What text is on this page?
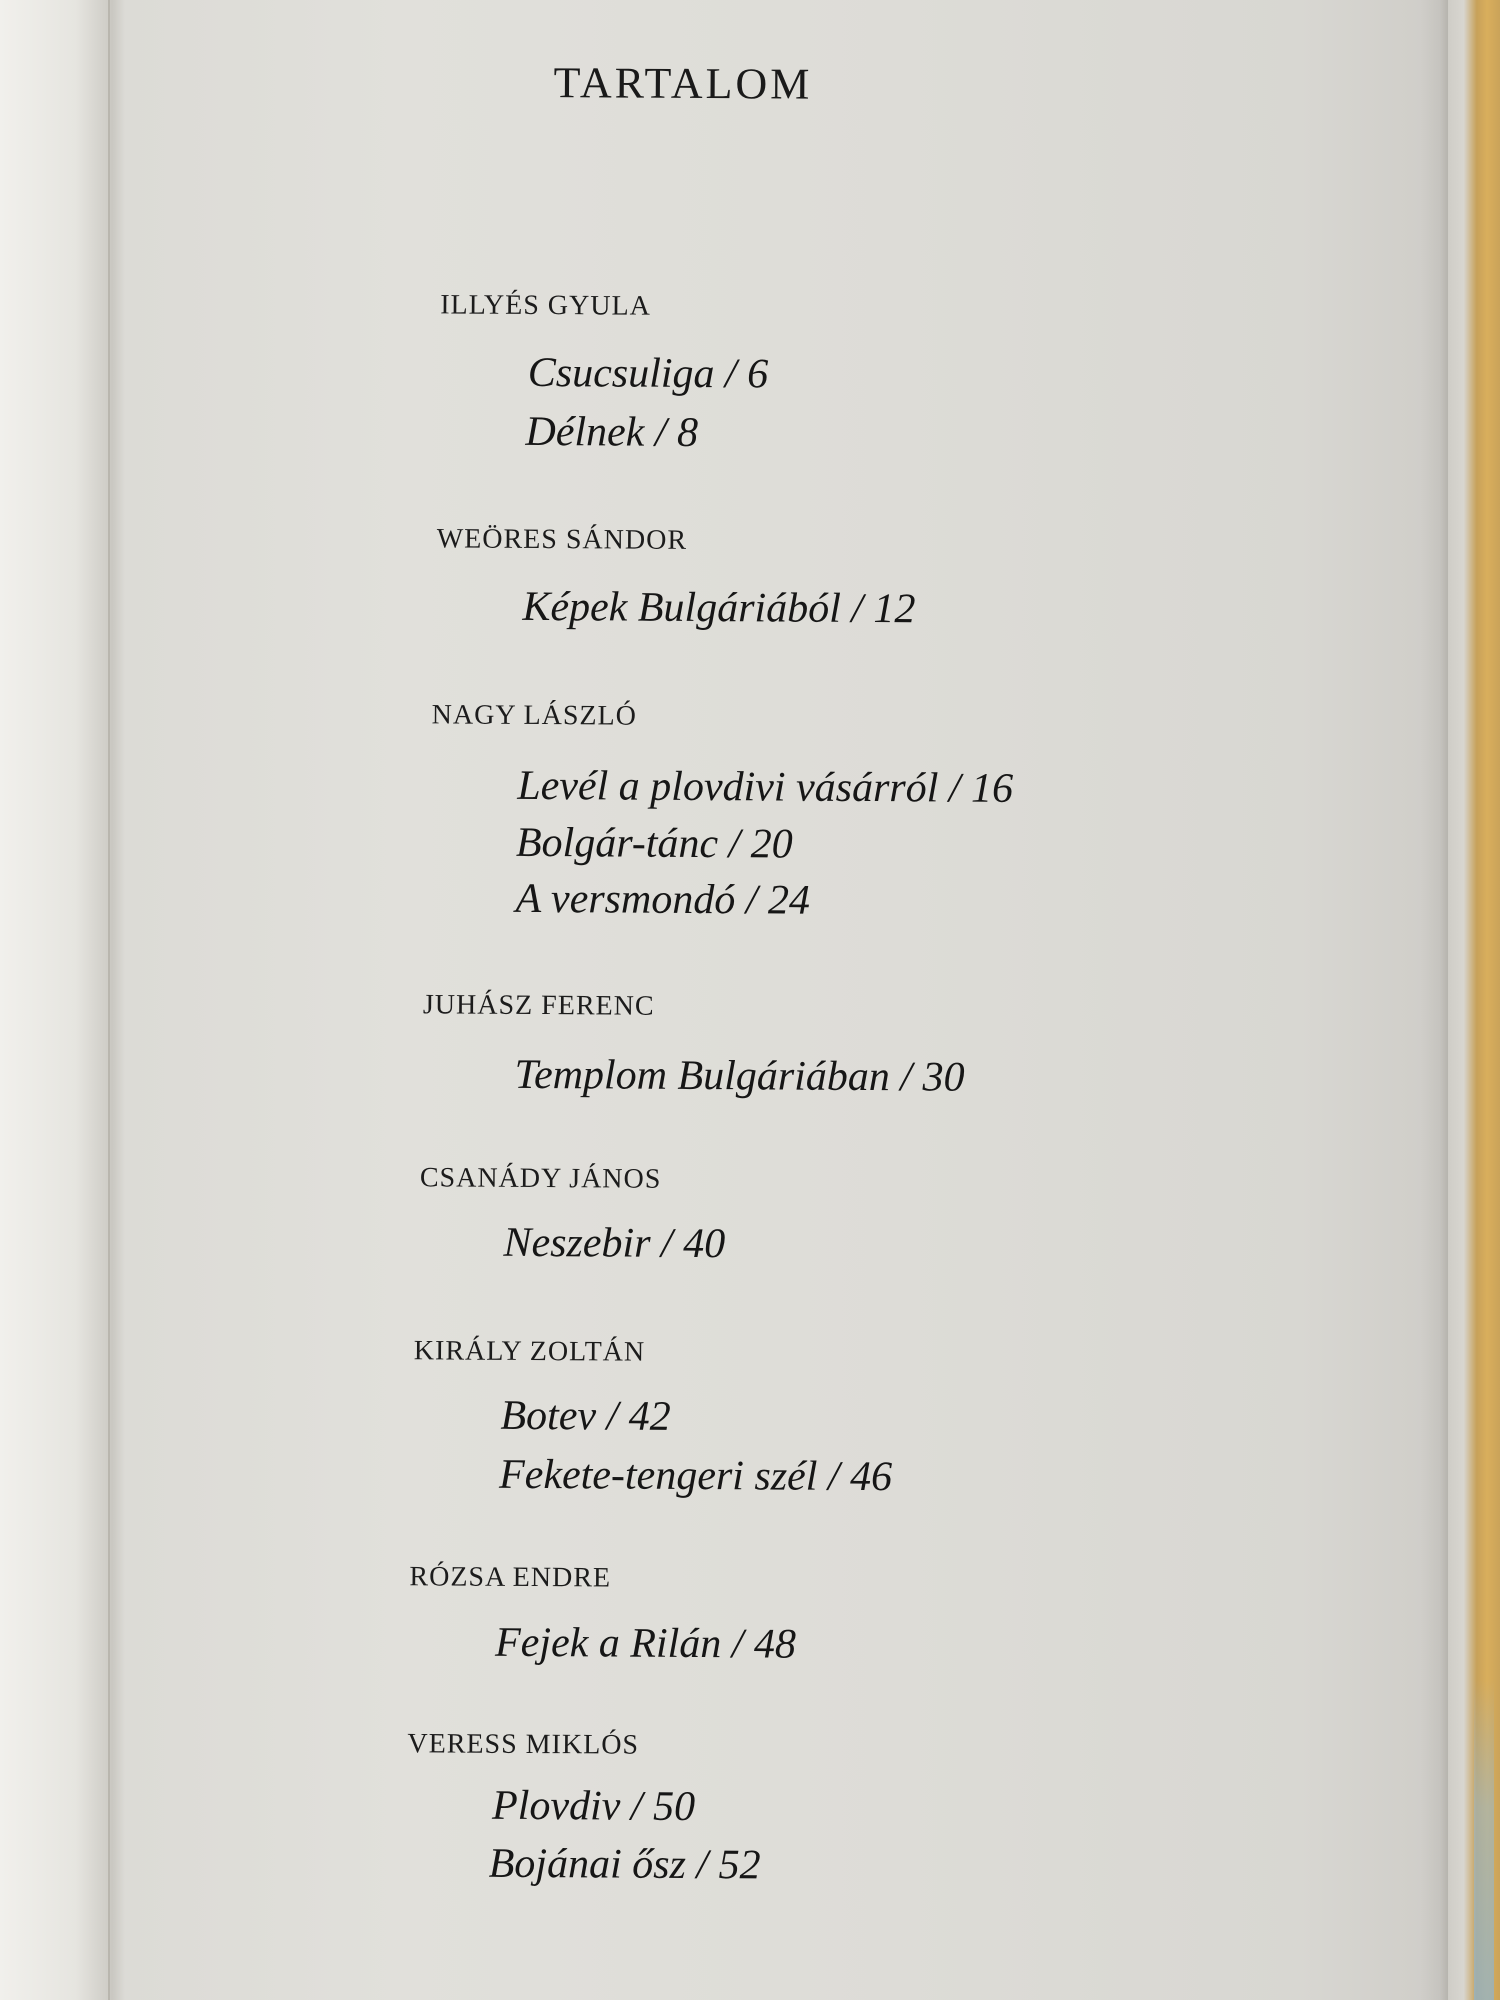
TARTALOM
ILLYÉS GYULA
Csucsuliga / 6
Délnek / 8
WEÖRES SÁNDOR
Képek Bulgáriából / 12
NAGY LÁSZLÓ
Levél a plovdivi vásárról / 16
Bolgár-tánc / 20
A versmondó / 24
JUHÁSZ FERENC
Templom Bulgáriában / 30
CSANÁDY JÁNOS
Neszebir / 40
KIRÁLY ZOLTÁN
Botev / 42
Fekete-tengeri szél / 46
RÓZSA ENDRE
Fejek a Rilán / 48
VERESS MIKLÓS
Plovdiv / 50
Bojánai ősz / 52
